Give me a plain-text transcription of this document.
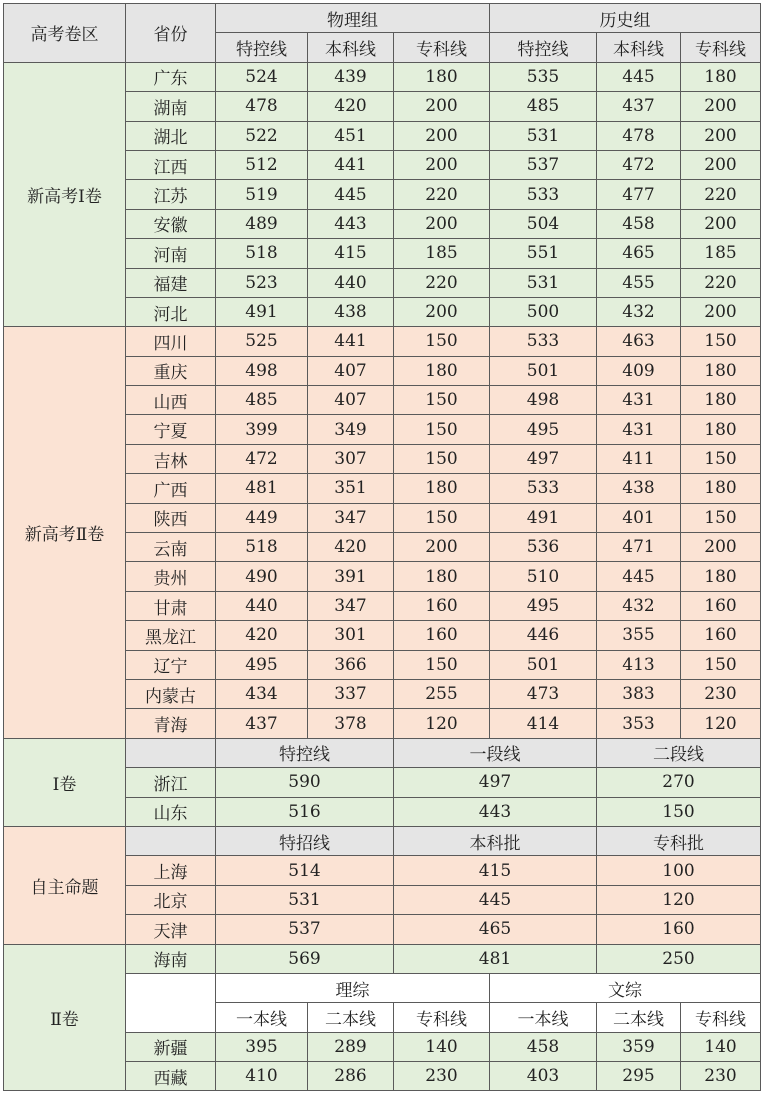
高考卷区	省份	物理组			历史组		
		特控线	本科线	专科线	特控线	本科线	专科线
新高考Ⅰ卷	广东	524	439	180	535	445	180
	湖南	478	420	200	485	437	200
	湖北	522	451	200	531	478	200
	江西	512	441	200	537	472	200
	江苏	519	445	220	533	477	220
	安徽	489	443	200	504	458	200
	河南	518	415	185	551	465	185
	福建	523	440	220	531	455	220
	河北	491	438	200	500	432	200
新高考Ⅱ卷	四川	525	441	150	533	463	150
	重庆	498	407	180	501	409	180
	山西	485	407	150	498	431	180
	宁夏	399	349	150	495	431	180
	吉林	472	307	150	497	411	150
	广西	481	351	180	533	438	180
	陕西	449	347	150	491	401	150
	云南	518	420	200	536	471	200
	贵州	490	391	180	510	445	180
	甘肃	440	347	160	495	432	160
	黑龙江	420	301	160	446	355	160
	辽宁	495	366	150	501	413	150
	内蒙古	434	337	255	473	383	230
	青海	437	378	120	414	353	120
Ⅰ卷		特控线		一段线		二段线	
	浙江	590		497		270	
	山东	516		443		150	
自主命题		特招线		本科批		专科批	
	上海	514		415		100	
	北京	531		445		120	
	天津	537		465		160	
Ⅱ卷	海南	569		481		250	
		理综			文综		
		一本线	二本线	专科线	一本线	二本线	专科线
	新疆	395	289	140	458	359	140
	西藏	410	286	230	403	295	230
